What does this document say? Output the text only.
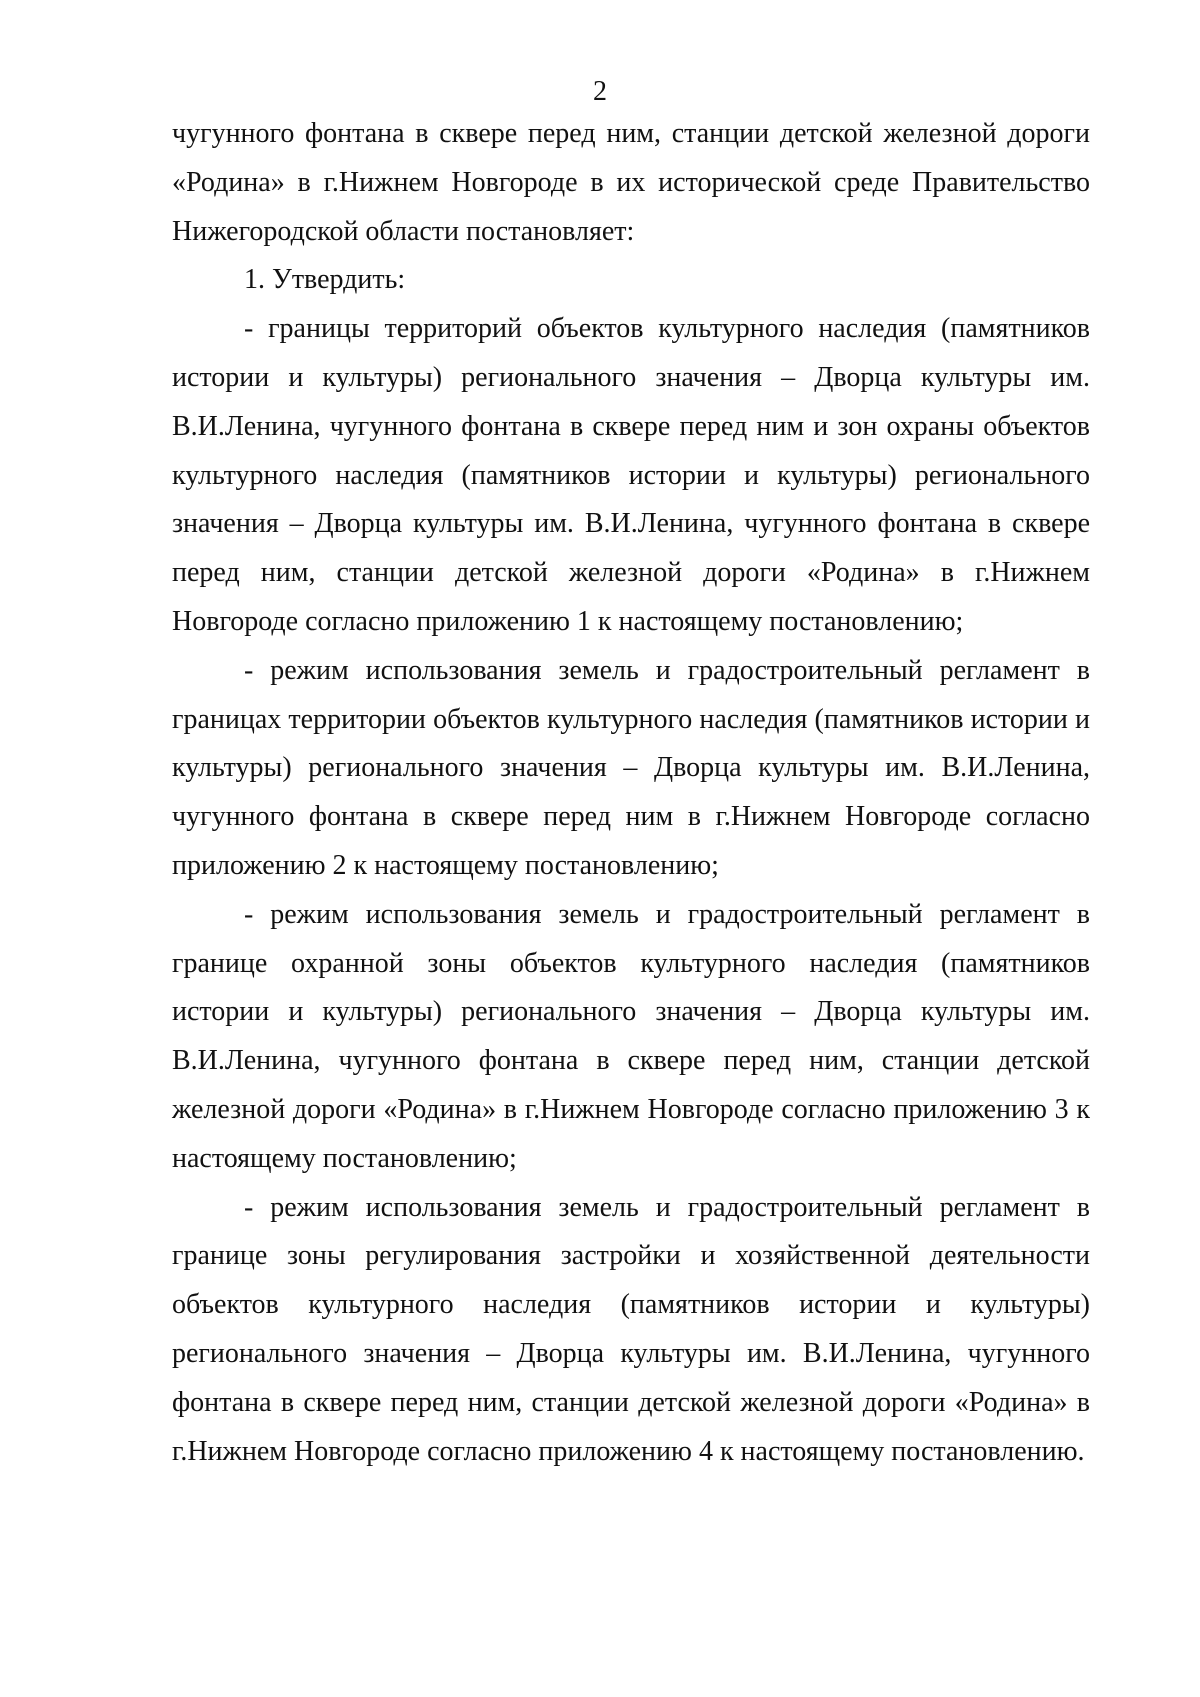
2

чугунного фонтана в сквере перед ним, станции детской железной дороги «Родина» в г.Нижнем Новгороде в их исторической среде Правительство Нижегородской области постановляет:

1. Утвердить:

- границы территорий объектов культурного наследия (памятников истории и культуры) регионального значения – Дворца культуры им. В.И.Ленина, чугунного фонтана в сквере перед ним и зон охраны объектов культурного наследия (памятников истории и культуры) регионального значения – Дворца культуры им. В.И.Ленина, чугунного фонтана в сквере перед ним, станции детской железной дороги «Родина» в г.Нижнем Новгороде согласно приложению 1 к настоящему постановлению;

- режим использования земель и градостроительный регламент в границах территории объектов культурного наследия (памятников истории и культуры) регионального значения – Дворца культуры им. В.И.Ленина, чугунного фонтана в сквере перед ним в г.Нижнем Новгороде согласно приложению 2 к настоящему постановлению;

- режим использования земель и градостроительный регламент в границе охранной зоны объектов культурного наследия (памятников истории и культуры) регионального значения – Дворца культуры им. В.И.Ленина, чугунного фонтана в сквере перед ним, станции детской железной дороги «Родина» в г.Нижнем Новгороде согласно приложению 3 к настоящему постановлению;

- режим использования земель и градостроительный регламент в границе зоны регулирования застройки и хозяйственной деятельности объектов культурного наследия (памятников истории и культуры) регионального значения – Дворца культуры им. В.И.Ленина, чугунного фонтана в сквере перед ним, станции детской железной дороги «Родина» в г.Нижнем Новгороде согласно приложению 4 к настоящему постановлению.
